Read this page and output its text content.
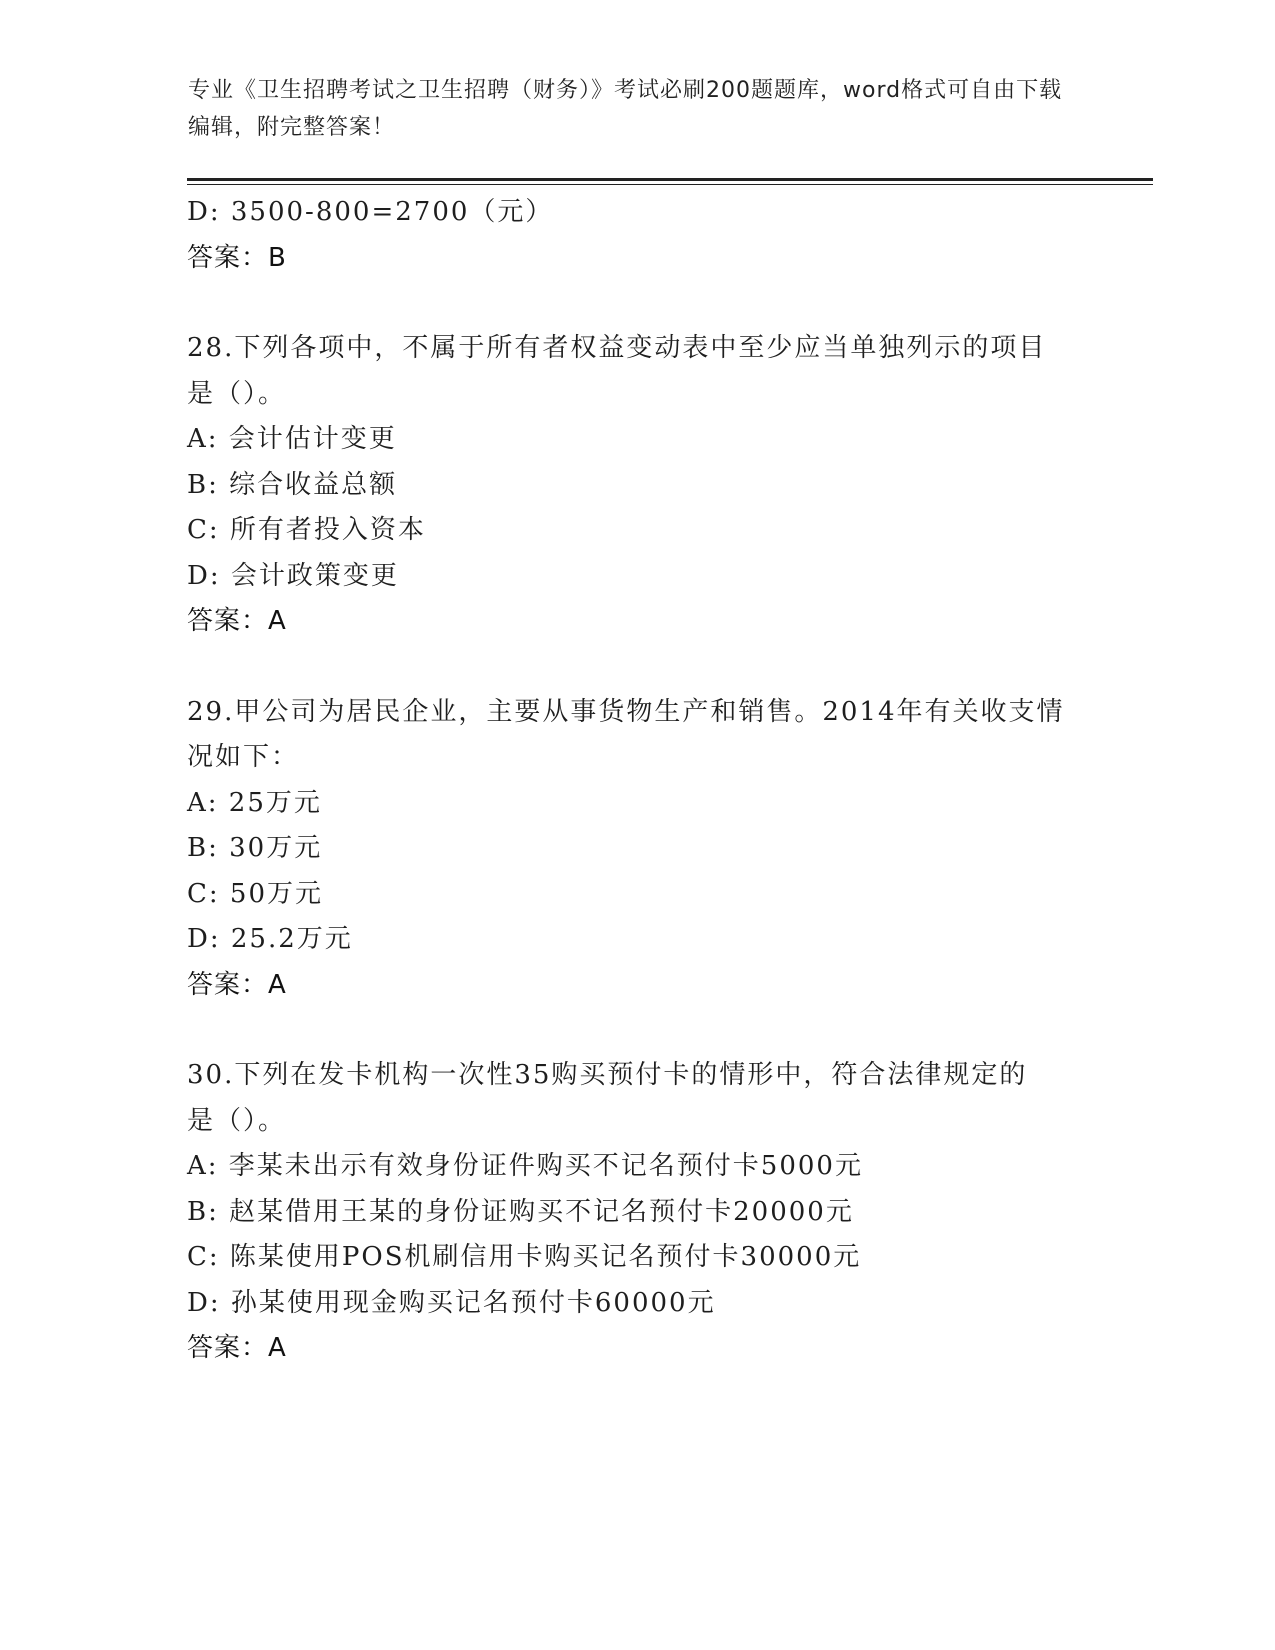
专业《卫生招聘考试之卫生招聘（财务）》考试必刷200题题库，word格式可自由下载编辑，附完整答案！
D: 3500-800=2700（元）
答案：B
28.下列各项中，不属于所有者权益变动表中至少应当单独列示的项目
是（）。
A: 会计估计变更
B: 综合收益总额
C: 所有者投入资本
D: 会计政策变更
答案：A
29.甲公司为居民企业，主要从事货物生产和销售。2014年有关收支情
况如下：
A: 25万元
B: 30万元
C: 50万元
D: 25.2万元
答案：A
30.下列在发卡机构一次性35购买预付卡的情形中，符合法律规定的
是（）。
A: 李某未出示有效身份证件购买不记名预付卡5000元
B: 赵某借用王某的身份证购买不记名预付卡20000元
C: 陈某使用POS机刷信用卡购买记名预付卡30000元
D: 孙某使用现金购买记名预付卡60000元
答案：A
